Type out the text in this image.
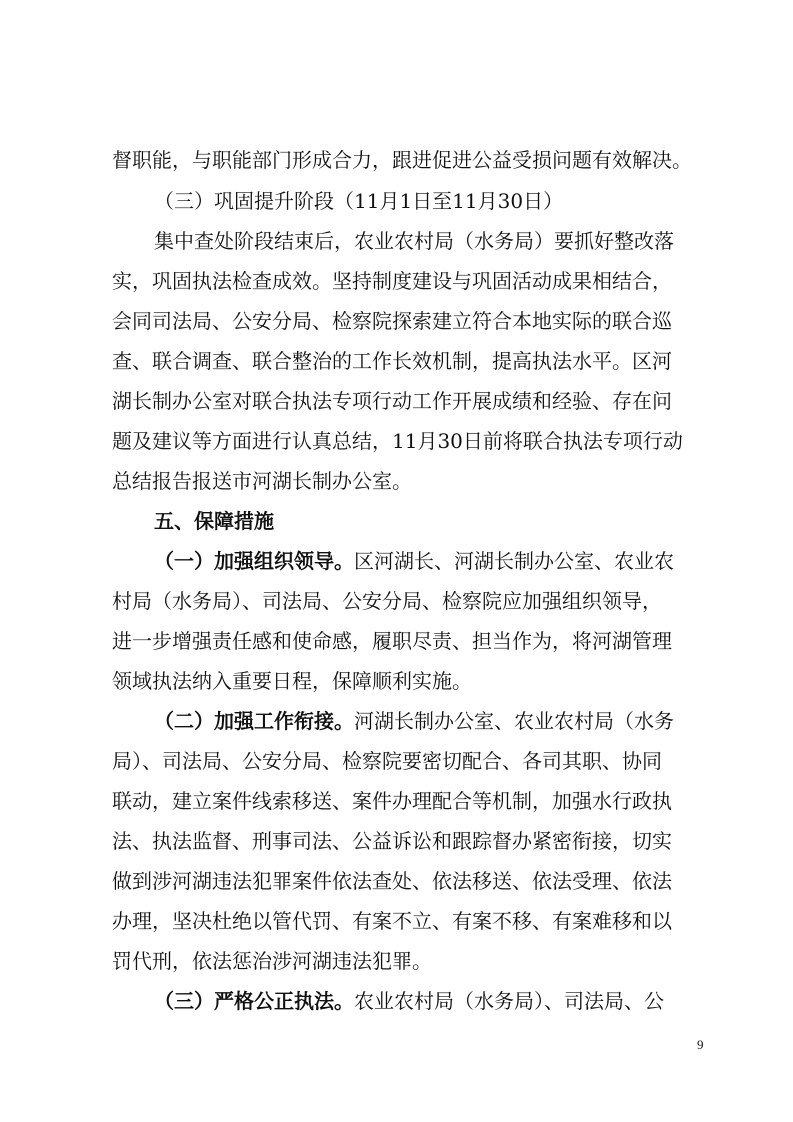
督职能，与职能部门形成合力，跟进促进公益受损问题有效解决。
（三）巩固提升阶段（11月1日至11月30日）
集中查处阶段结束后，农业农村局（水务局）要抓好整改落
实，巩固执法检查成效。坚持制度建设与巩固活动成果相结合，
会同司法局、公安分局、检察院探索建立符合本地实际的联合巡
查、联合调查、联合整治的工作长效机制，提高执法水平。区河
湖长制办公室对联合执法专项行动工作开展成绩和经验、存在问
题及建议等方面进行认真总结，11月30日前将联合执法专项行动
总结报告报送市河湖长制办公室。
五、保障措施
（一）加强组织领导。区河湖长、河湖长制办公室、农业农
村局（水务局）、司法局、公安分局、检察院应加强组织领导，
进一步增强责任感和使命感，履职尽责、担当作为，将河湖管理
领域执法纳入重要日程，保障顺利实施。
（二）加强工作衔接。河湖长制办公室、农业农村局（水务
局）、司法局、公安分局、检察院要密切配合、各司其职、协同
联动，建立案件线索移送、案件办理配合等机制，加强水行政执
法、执法监督、刑事司法、公益诉讼和跟踪督办紧密衔接，切实
做到涉河湖违法犯罪案件依法查处、依法移送、依法受理、依法
办理，坚决杜绝以管代罚、有案不立、有案不移、有案难移和以
罚代刑，依法惩治涉河湖违法犯罪。
（三）严格公正执法。农业农村局（水务局）、司法局、公
9
